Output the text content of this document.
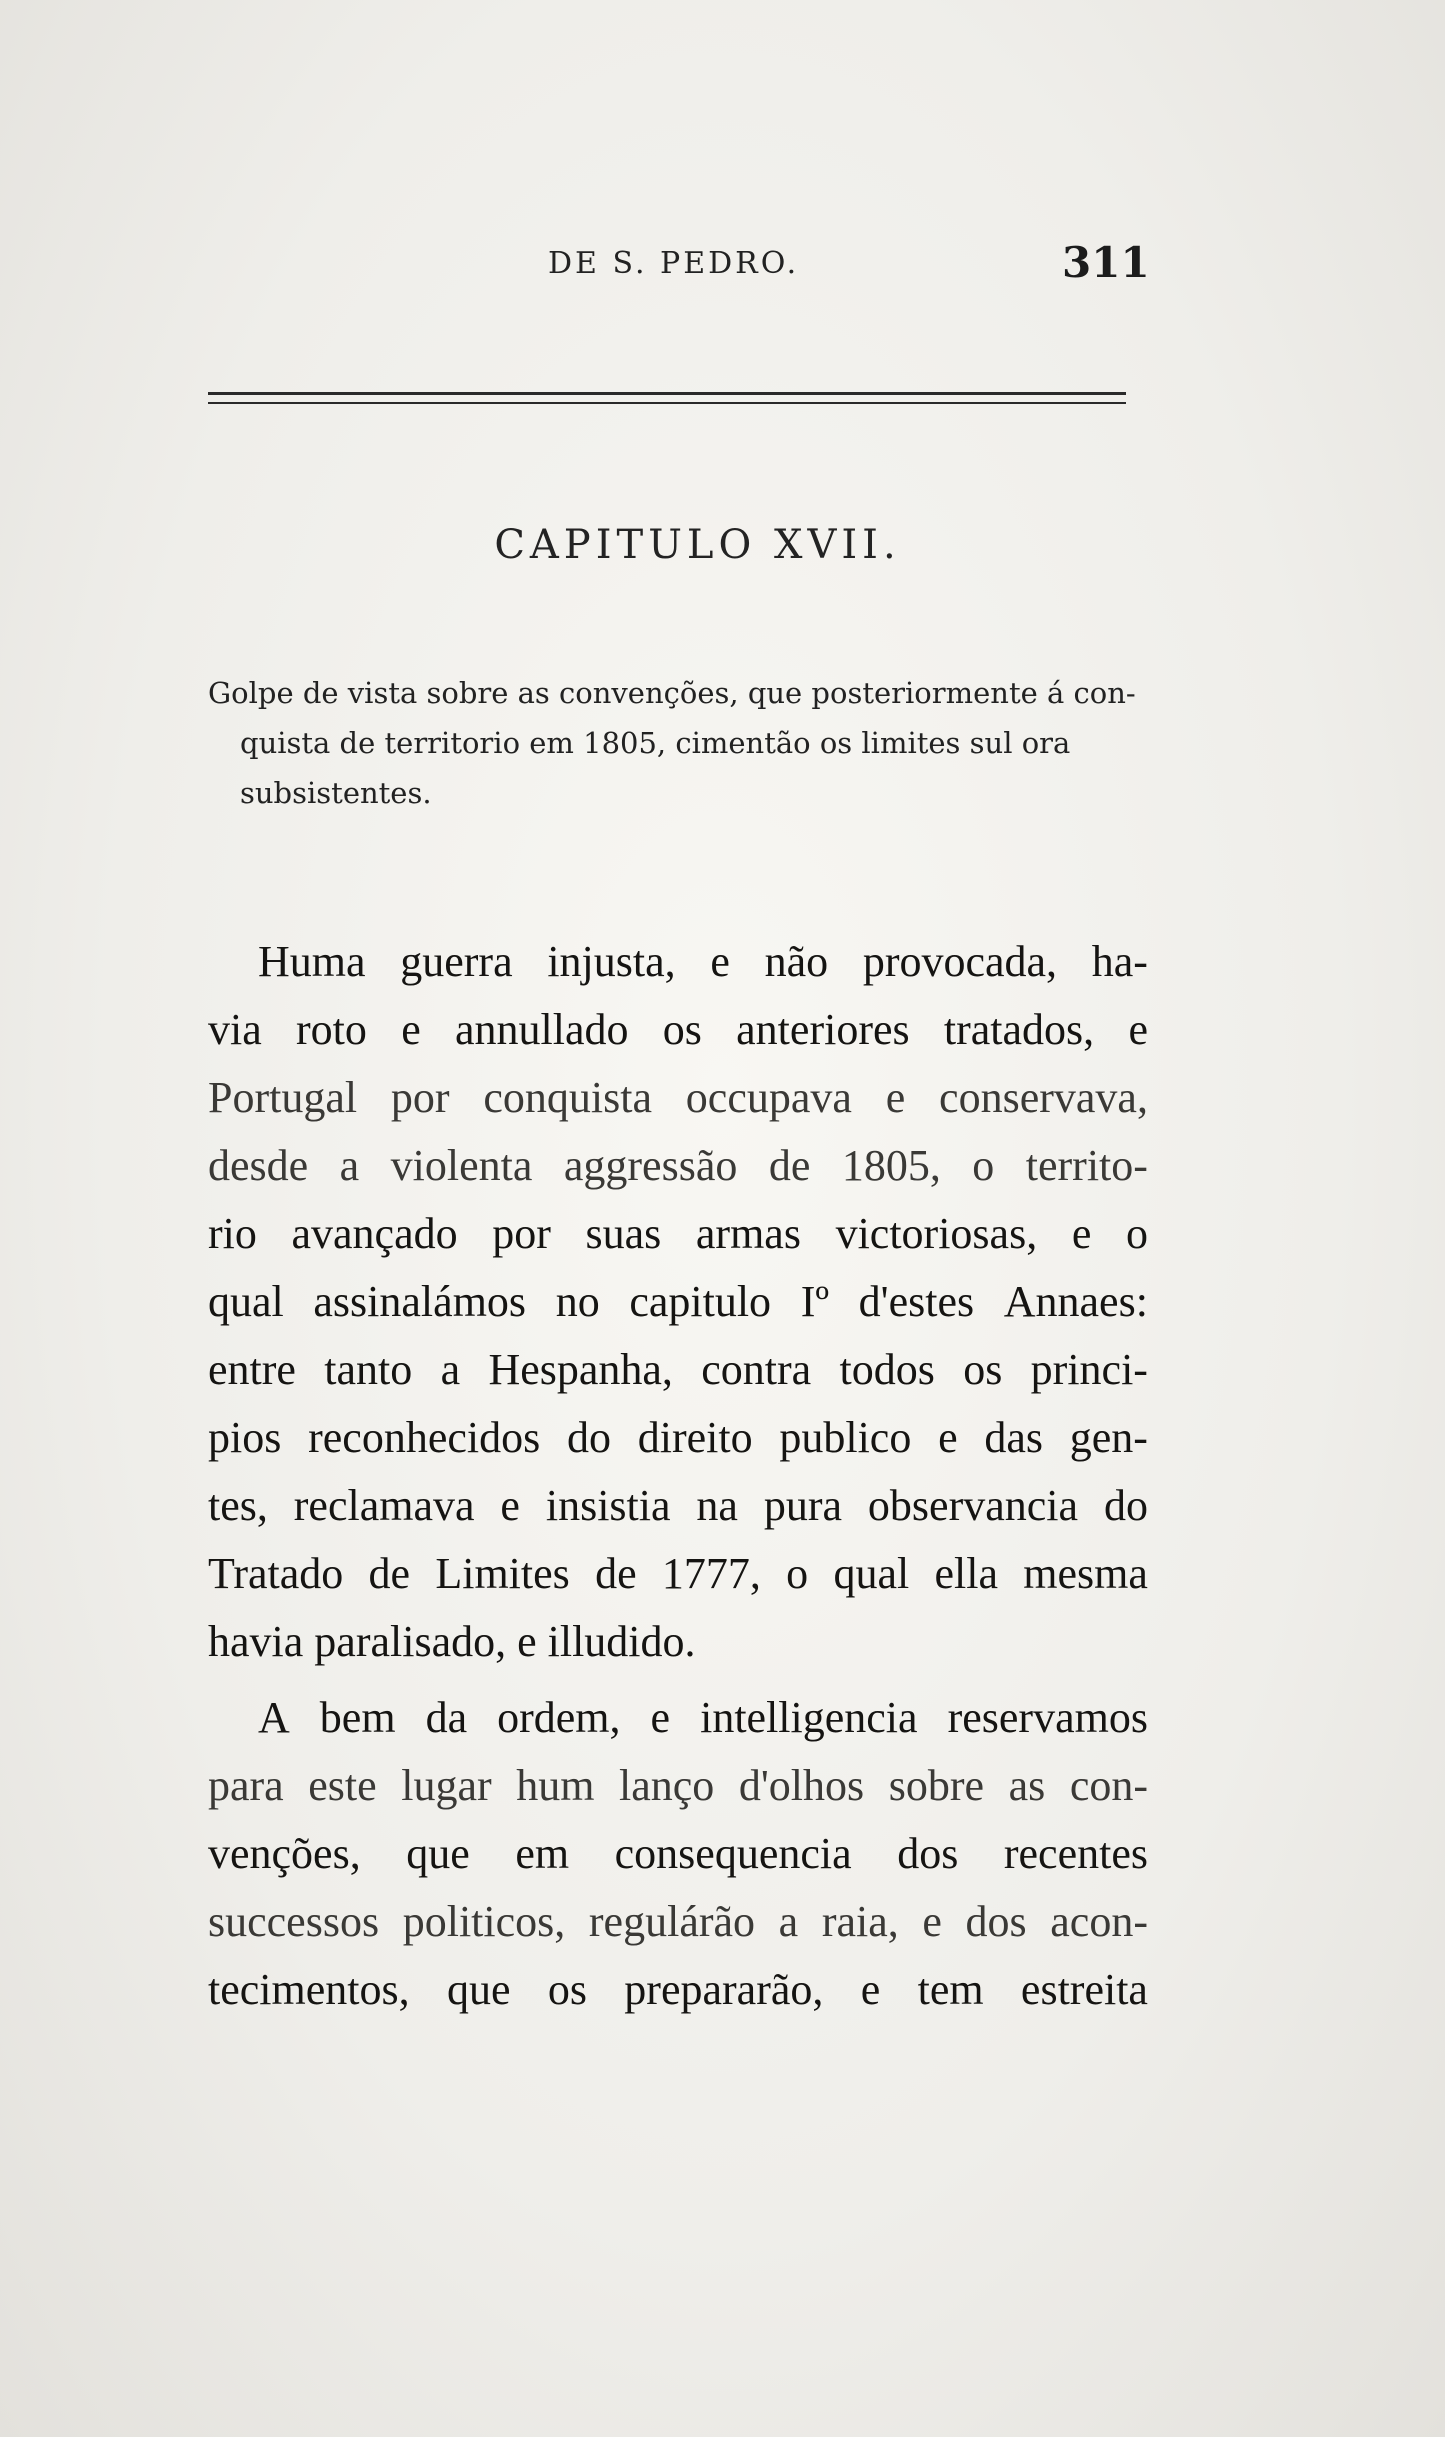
DE S. PEDRO.	311
CAPITULO XVII.
Golpe de vista sobre as convenções, que posteriormente á con-
quista de territorio em 1805, cimentão os limites sul ora
subsistentes.
Huma guerra injusta, e não provocada, ha-
via roto e annullado os anteriores tratados, e
Portugal por conquista occupava e conservava,
desde a violenta aggressão de 1805, o territo-
rio avançado por suas armas victoriosas, e o
qual assinalámos no capitulo Iº d'estes Annaes:
entre tanto a Hespanha, contra todos os princi-
pios reconhecidos do direito publico e das gen-
tes, reclamava e insistia na pura observancia do
Tratado de Limites de 1777, o qual ella mesma
havia paralisado, e illudido.
A bem da ordem, e intelligencia reservamos
para este lugar hum lanço d'olhos sobre as con-
venções, que em consequencia dos recentes
successos politicos, regulárão a raia, e dos acon-
tecimentos, que os prepararão, e tem estreita
